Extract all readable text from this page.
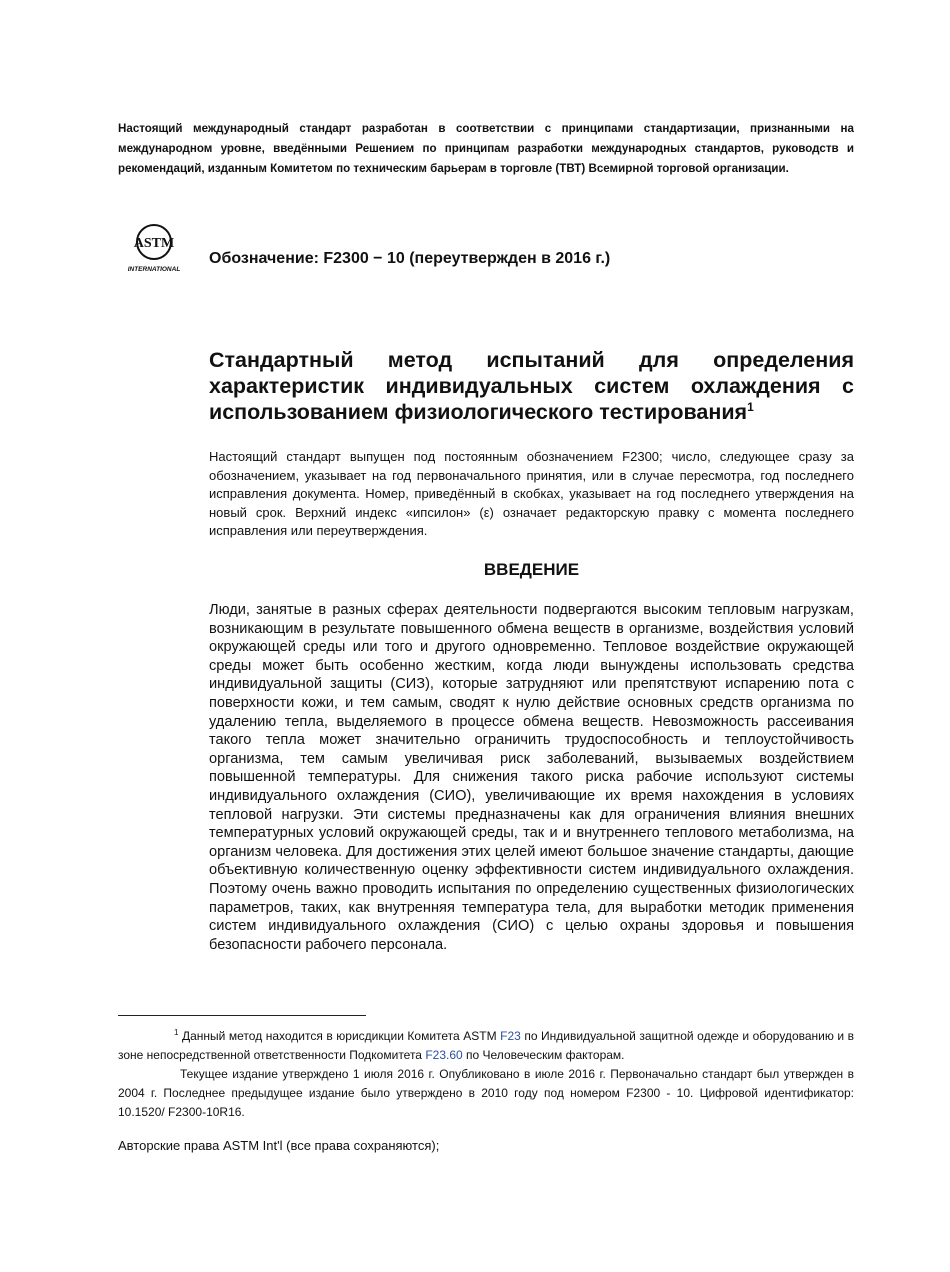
Настоящий международный стандарт разработан в соответствии с принципами стандартизации, признанными на международном уровне, введёнными Решением по принципам разработки международных стандартов, руководств и рекомендаций, изданным Комитетом по техническим барьерам в торговле (ТВТ) Всемирной торговой организации.

ASTM
INTERNATIONAL

Обозначение: F2300 − 10 (переутвержден в 2016 г.)

Стандартный метод испытаний для определения характеристик индивидуальных систем охлаждения с использованием физиологического тестирования$^1$

Настоящий стандарт выпущен под постоянным обозначением F2300; число, следующее сразу за обозначением, указывает на год первоначального принятия, или в случае пересмотра, год последнего исправления документа. Номер, приведённый в скобках, указывает на год последнего утверждения на новый срок. Верхний индекс «ипсилон» (ε) означает редакторскую правку с момента последнего исправления или переутверждения.

ВВЕДЕНИЕ

Люди, занятые в разных сферах деятельности подвергаются высоким тепловым нагрузкам, возникающим в результате повышенного обмена веществ в организме, воздействия условий окружающей среды или того и другого одновременно. Тепловое воздействие окружающей среды может быть особенно жестким, когда люди вынуждены использовать средства индивидуальной защиты (СИЗ), которые затрудняют или препятствуют испарению пота с поверхности кожи, и тем самым, сводят к нулю действие основных средств организма по удалению тепла, выделяемого в процессе обмена веществ. Невозможность рассеивания такого тепла может значительно ограничить трудоспособность и теплоустойчивость организма, тем самым увеличивая риск заболеваний, вызываемых воздействием повышенной температуры. Для снижения такого риска рабочие используют системы индивидуального охлаждения (СИО), увеличивающие их время нахождения в условиях тепловой нагрузки. Эти системы предназначены как для ограничения влияния внешних температурных условий окружающей среды, так и и внутреннего теплового метаболизма, на организм человека. Для достижения этих целей имеют большое значение стандарты, дающие объективную количественную оценку эффективности систем индивидуального охлаждения. Поэтому очень важно проводить испытания по определению существенных физиологических параметров, таких, как внутренняя температура тела, для выработки методик применения систем индивидуального охлаждения (СИО) с целью охраны здоровья и повышения безопасности рабочего персонала.

$^1$ Данный метод находится в юрисдикции Комитета ASTM F23 по Индивидуальной защитной одежде и оборудованию и в зоне непосредственной ответственности Подкомитета F23.60 по Человеческим факторам.

Текущее издание утверждено 1 июля 2016 г. Опубликовано в июле 2016 г. Первоначально стандарт был утвержден в 2004 г. Последнее предыдущее издание было утверждено в 2010 году под номером F2300 - 10. Цифровой идентификатор: 10.1520/ F2300-10R16.

Авторские права ASTM Int'l (все права сохраняются);
